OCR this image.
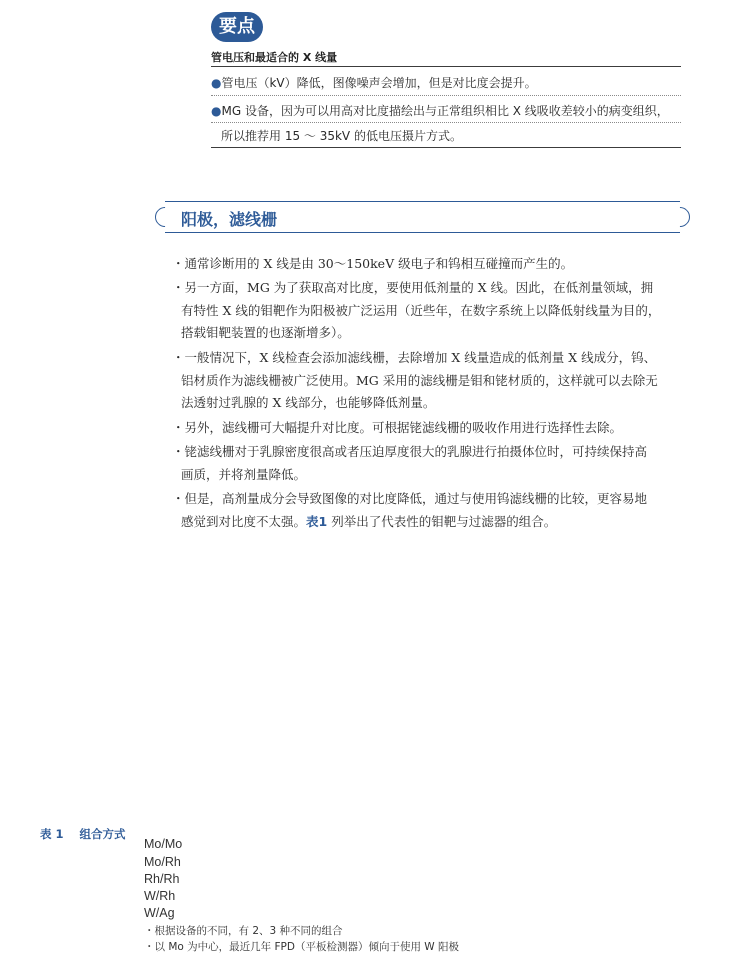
要点
管电压和最适合的 X 线量
●管电压（kV）降低，图像噪声会增加，但是对比度会提升。
●MG 设备，因为可以用高对比度描绘出与正常组织相比 X 线吸收差较小的病变组织，
所以推荐用 15 ～ 35kV 的低电压摄片方式。
阳极，滤线栅
・通常诊断用的 X 线是由 30～150keV 级电子和钨相互碰撞而产生的。
・另一方面，MG 为了获取高对比度，要使用低剂量的 X 线。因此，在低剂量领域，拥
有特性 X 线的钼靶作为阳极被广泛运用（近些年，在数字系统上以降低射线量为目的，
搭载钼靶装置的也逐渐增多）。
・一般情况下，X 线检查会添加滤线栅，去除增加 X 线量造成的低剂量 X 线成分，钨、
铝材质作为滤线栅被广泛使用。MG 采用的滤线栅是钼和铑材质的，这样就可以去除无
法透射过乳腺的 X 线部分，也能够降低剂量。
・另外，滤线栅可大幅提升对比度。可根据铑滤线栅的吸收作用进行选择性去除。
・铑滤线栅对于乳腺密度很高或者压迫厚度很大的乳腺进行拍摄体位时，可持续保持高
画质，并将剂量降低。
・但是，高剂量成分会导致图像的对比度降低，通过与使用钨滤线栅的比较，更容易地
感觉到对比度不太强。表1 列举出了代表性的钼靶与过滤器的组合。
表 1 组合方式
Mo/Mo
Mo/Rh
Rh/Rh
W/Rh
W/Ag
・根据设备的不同，有 2、3 种不同的组合
・以 Mo 为中心，最近几年 FPD（平板检测器）倾向于使用 W 阳极
